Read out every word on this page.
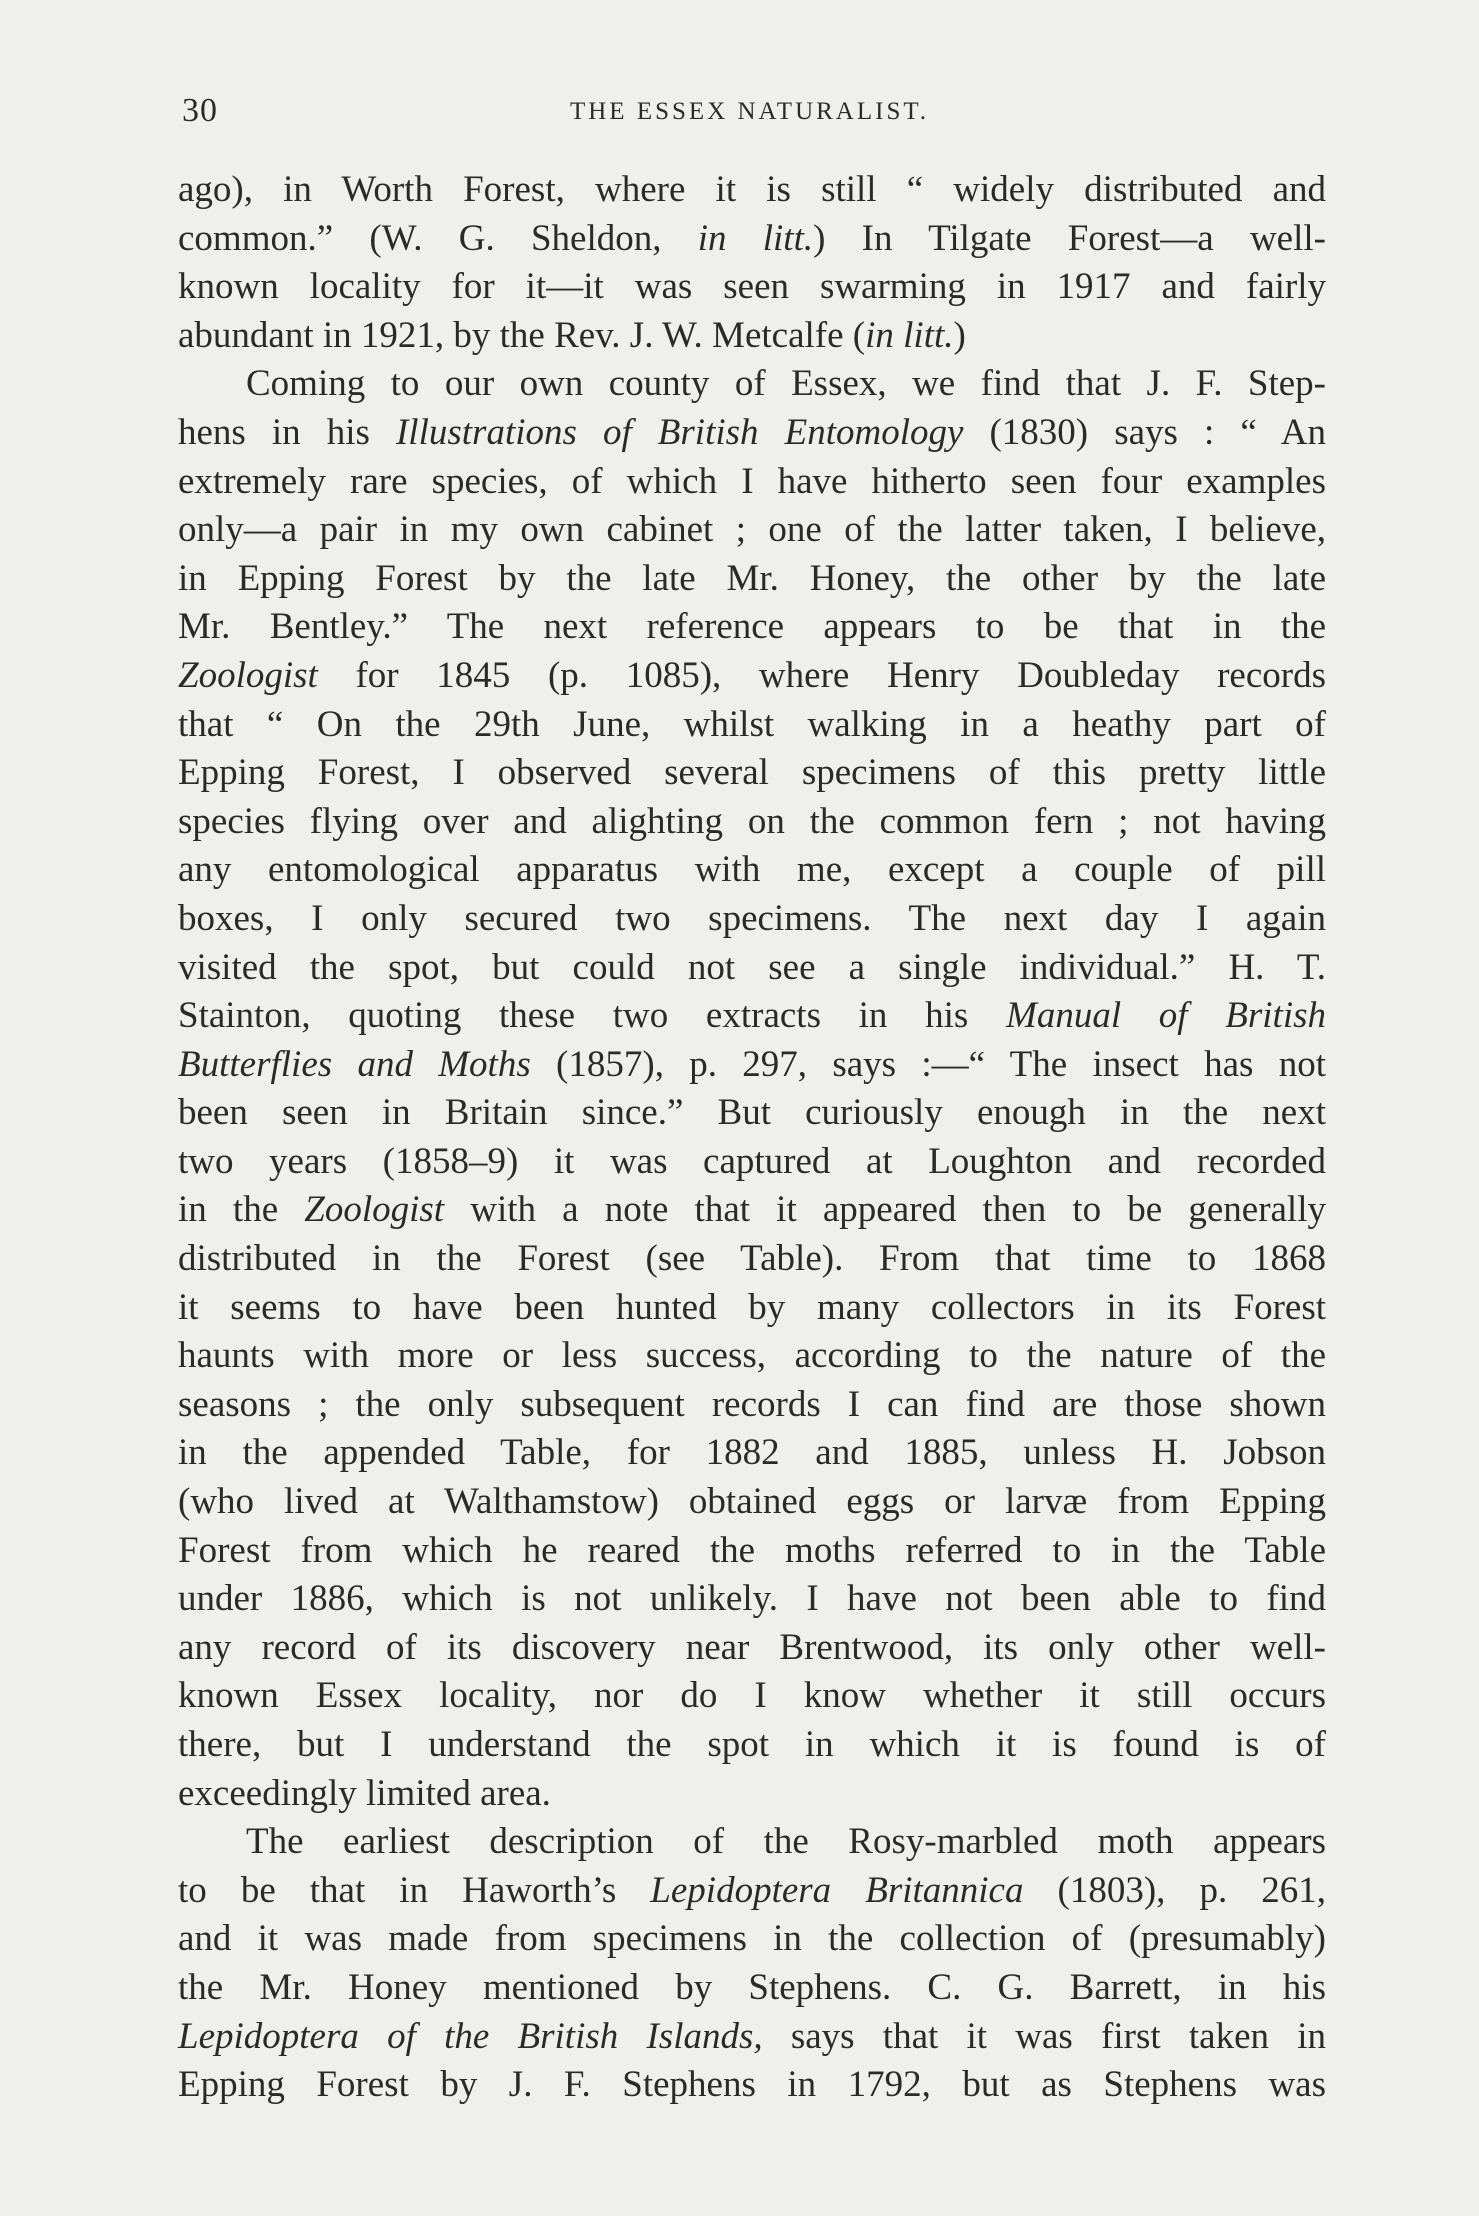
30	THE ESSEX NATURALIST.
ago), in Worth Forest, where it is still “ widely distributed and
common.” (W. G. Sheldon, in litt.) In Tilgate Forest—a well-
known locality for it—it was seen swarming in 1917 and fairly
abundant in 1921, by the Rev. J. W. Metcalfe (in litt.)
Coming to our own county of Essex, we find that J. F. Step-
hens in his Illustrations of British Entomology (1830) says : “ An
extremely rare species, of which I have hitherto seen four examples
only—a pair in my own cabinet ; one of the latter taken, I believe,
in Epping Forest by the late Mr. Honey, the other by the late
Mr. Bentley.” The next reference appears to be that in the
Zoologist for 1845 (p. 1085), where Henry Doubleday records
that “ On the 29th June, whilst walking in a heathy part of
Epping Forest, I observed several specimens of this pretty little
species flying over and alighting on the common fern ; not having
any entomological apparatus with me, except a couple of pill
boxes, I only secured two specimens. The next day I again
visited the spot, but could not see a single individual.” H. T.
Stainton, quoting these two extracts in his Manual of British
Butterflies and Moths (1857), p. 297, says :—“ The insect has not
been seen in Britain since.” But curiously enough in the next
two years (1858–9) it was captured at Loughton and recorded
in the Zoologist with a note that it appeared then to be generally
distributed in the Forest (see Table). From that time to 1868
it seems to have been hunted by many collectors in its Forest
haunts with more or less success, according to the nature of the
seasons ; the only subsequent records I can find are those shown
in the appended Table, for 1882 and 1885, unless H. Jobson
(who lived at Walthamstow) obtained eggs or larvæ from Epping
Forest from which he reared the moths referred to in the Table
under 1886, which is not unlikely. I have not been able to find
any record of its discovery near Brentwood, its only other well-
known Essex locality, nor do I know whether it still occurs
there, but I understand the spot in which it is found is of
exceedingly limited area.
The earliest description of the Rosy-marbled moth appears
to be that in Haworth’s Lepidoptera Britannica (1803), p. 261,
and it was made from specimens in the collection of (presumably)
the Mr. Honey mentioned by Stephens. C. G. Barrett, in his
Lepidoptera of the British Islands, says that it was first taken in
Epping Forest by J. F. Stephens in 1792, but as Stephens was
